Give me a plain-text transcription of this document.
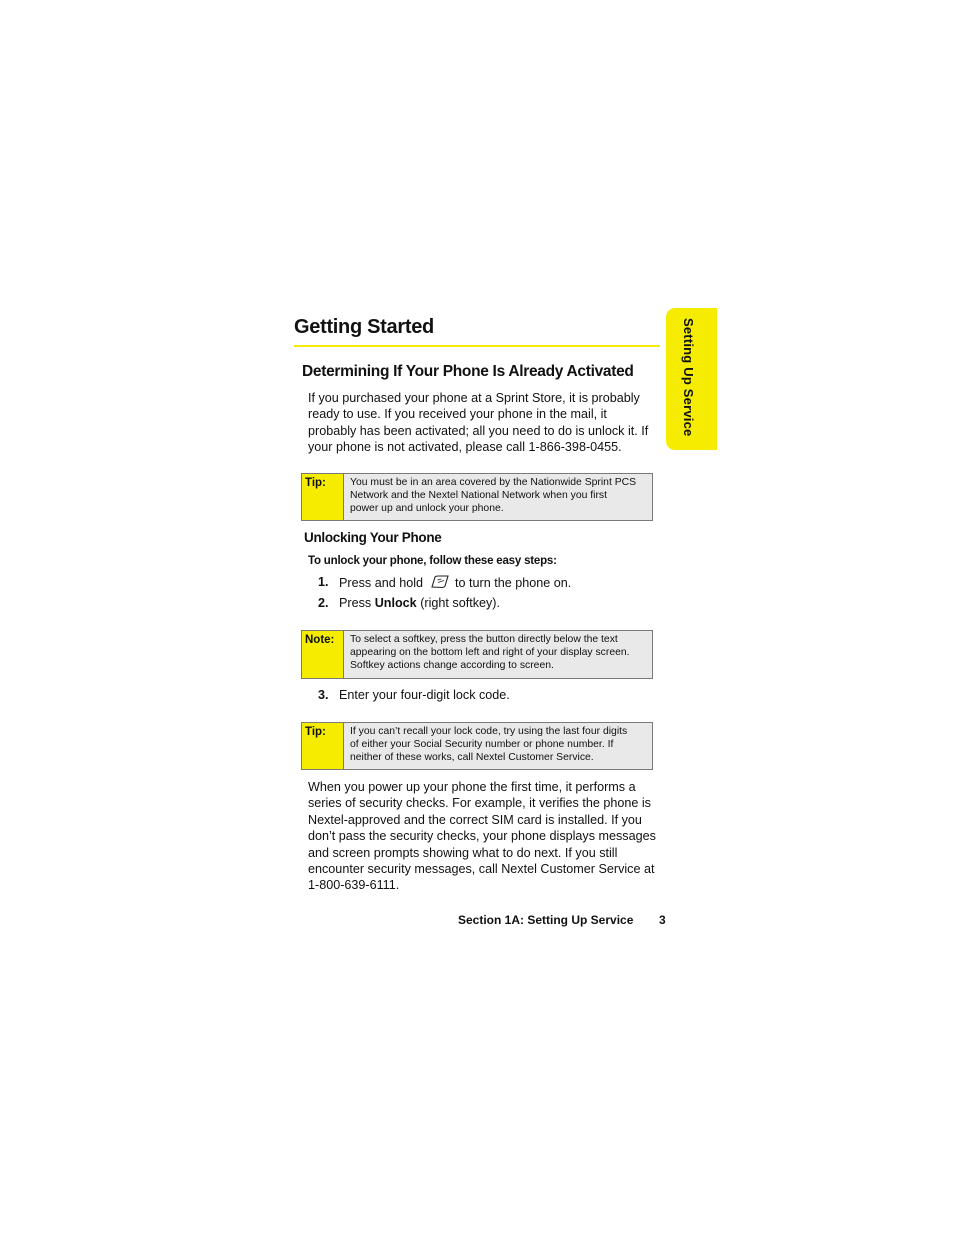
Setting Up Service
Getting Started
Determining If Your Phone Is Already Activated
If you purchased your phone at a Sprint Store, it is probably
ready to use. If you received your phone in the mail, it
probably has been activated; all you need to do is unlock it. If
your phone is not activated, please call 1-866-398-0455.
Tip:	You must be in an area covered by the Nationwide Sprint PCS
Network and the Nextel National Network when you first
power up and unlock your phone.
Unlocking Your Phone
To unlock your phone, follow these easy steps:
1. Press and hold	to turn the phone on.
2. Press Unlock (right softkey).
Note:	To select a softkey, press the button directly below the text
appearing on the bottom left and right of your display screen.
Softkey actions change according to screen.
3. Enter your four-digit lock code.
Tip:	If you can’t recall your lock code, try using the last four digits
of either your Social Security number or phone number. If
neither of these works, call Nextel Customer Service.
When you power up your phone the first time, it performs a
series of security checks. For example, it verifies the phone is
Nextel-approved and the correct SIM card is installed. If you
don’t pass the security checks, your phone displays messages
and screen prompts showing what to do next. If you still
encounter security messages, call Nextel Customer Service at
1-800-639-6111.
Section 1A: Setting Up Service 3
